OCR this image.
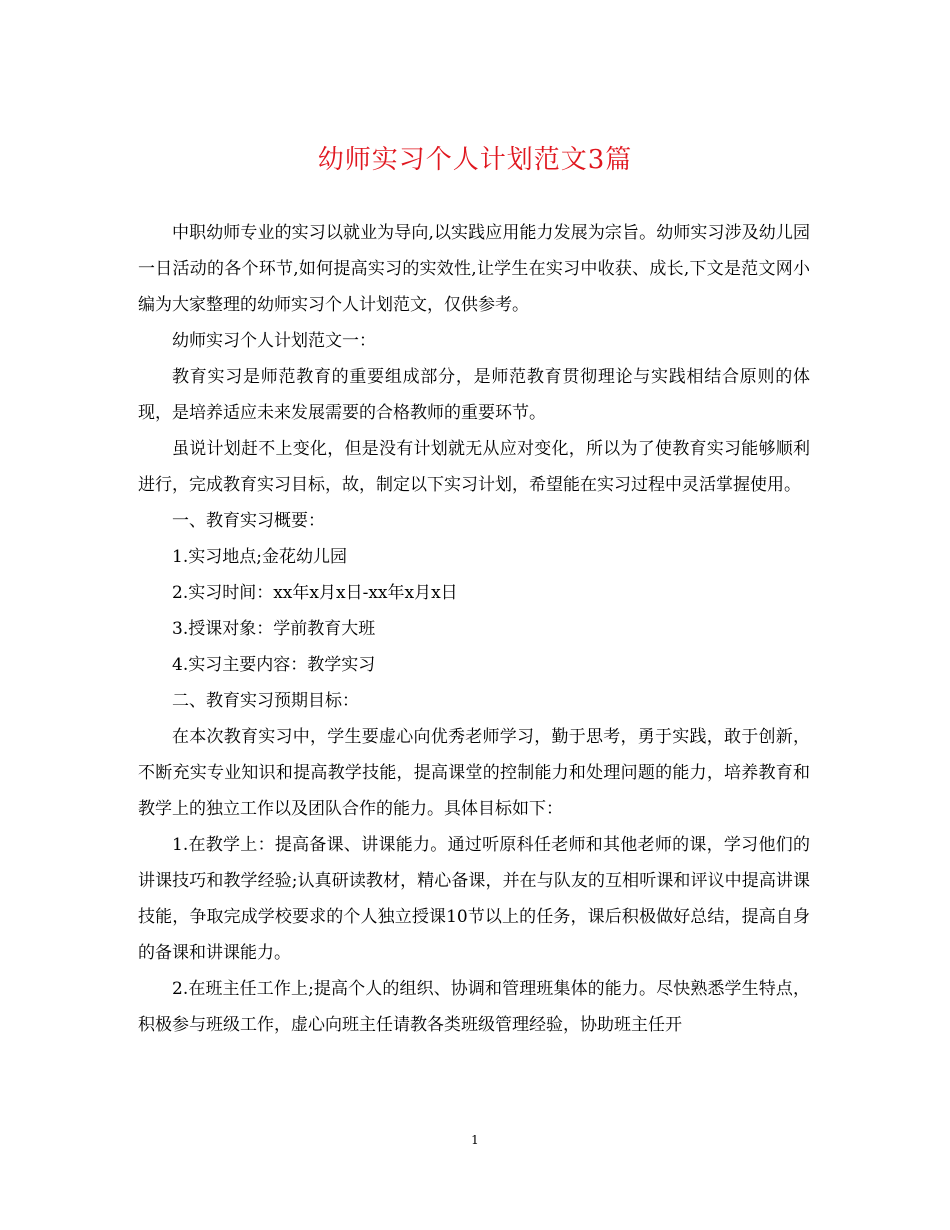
幼师实习个人计划范文3篇

中职幼师专业的实习以就业为导向,以实践应用能力发展为宗旨。幼师实习涉及幼儿园一日活动的各个环节,如何提高实习的实效性,让学生在实习中收获、成长,下文是范文网小编为大家整理的幼师实习个人计划范文，仅供参考。

幼师实习个人计划范文一：

教育实习是师范教育的重要组成部分，是师范教育贯彻理论与实践相结合原则的体现，是培养适应未来发展需要的合格教师的重要环节。

虽说计划赶不上变化，但是没有计划就无从应对变化，所以为了使教育实习能够顺利进行，完成教育实习目标，故，制定以下实习计划，希望能在实习过程中灵活掌握使用。

一、教育实习概要：

1.实习地点;金花幼儿园

2.实习时间：xx年x月x日-xx年x月x日

3.授课对象：学前教育大班

4.实习主要内容：教学实习

二、教育实习预期目标：

在本次教育实习中，学生要虚心向优秀老师学习，勤于思考，勇于实践，敢于创新，不断充实专业知识和提高教学技能，提高课堂的控制能力和处理问题的能力，培养教育和教学上的独立工作以及团队合作的能力。具体目标如下：

1.在教学上：提高备课、讲课能力。通过听原科任老师和其他老师的课，学习他们的讲课技巧和教学经验;认真研读教材，精心备课，并在与队友的互相听课和评议中提高讲课技能，争取完成学校要求的个人独立授课10节以上的任务，课后积极做好总结，提高自身的备课和讲课能力。

2.在班主任工作上;提高个人的组织、协调和管理班集体的能力。尽快熟悉学生特点，积极参与班级工作，虚心向班主任请教各类班级管理经验，协助班主任开

1
